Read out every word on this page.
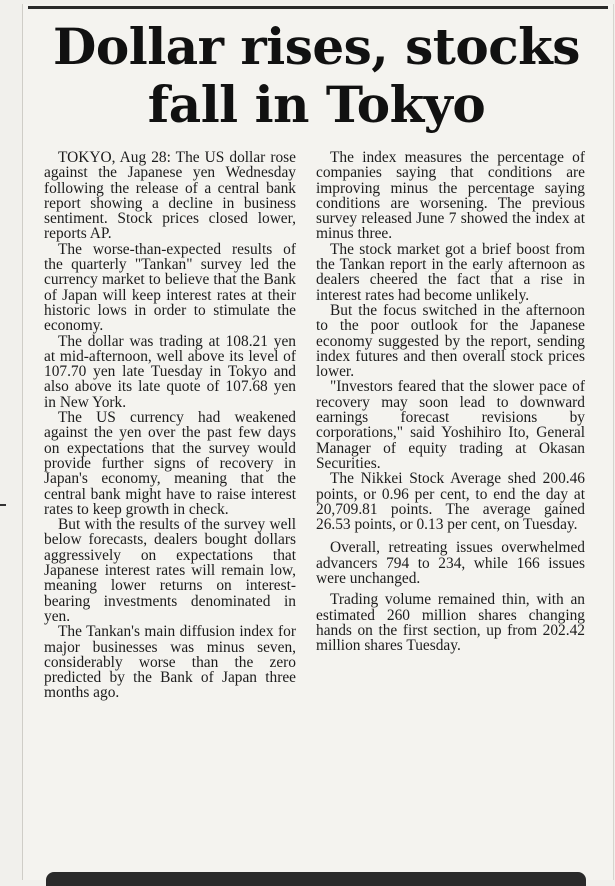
Dollar rises, stocks
fall in Tokyo

TOKYO, Aug 28: The US dollar rose against the Japanese yen Wednesday following the release of a central bank report showing a decline in business sentiment. Stock prices closed lower, reports AP.

The worse-than-expected results of the quarterly "Tankan" survey led the currency market to believe that the Bank of Japan will keep interest rates at their historic lows in order to stimulate the economy.

The dollar was trading at 108.21 yen at mid-afternoon, well above its level of 107.70 yen late Tuesday in Tokyo and also above its late quote of 107.68 yen in New York.

The US currency had weakened against the yen over the past few days on expectations that the survey would provide further signs of recovery in Japan's economy, meaning that the central bank might have to raise interest rates to keep growth in check.

But with the results of the survey well below forecasts, dealers bought dollars aggressively on expectations that Japanese interest rates will remain low, meaning lower returns on interest-bearing investments denominated in yen.

The Tankan's main diffusion index for major businesses was minus seven, considerably worse than the zero predicted by the Bank of Japan three months ago.

The index measures the percentage of companies saying that conditions are improving minus the percentage saying conditions are worsening. The previous survey released June 7 showed the index at minus three.

The stock market got a brief boost from the Tankan report in the early afternoon as dealers cheered the fact that a rise in interest rates had become unlikely.

But the focus switched in the afternoon to the poor outlook for the Japanese economy suggested by the report, sending index futures and then overall stock prices lower.

"Investors feared that the slower pace of recovery may soon lead to downward earnings forecast revisions by corporations," said Yoshihiro Ito, General Manager of equity trading at Okasan Securities.

The Nikkei Stock Average shed 200.46 points, or 0.96 per cent, to end the day at 20,709.81 points. The average gained 26.53 points, or 0.13 per cent, on Tuesday.

Overall, retreating issues overwhelmed advancers 794 to 234, while 166 issues were unchanged.

Trading volume remained thin, with an estimated 260 million shares changing hands on the first section, up from 202.42 million shares Tuesday.
